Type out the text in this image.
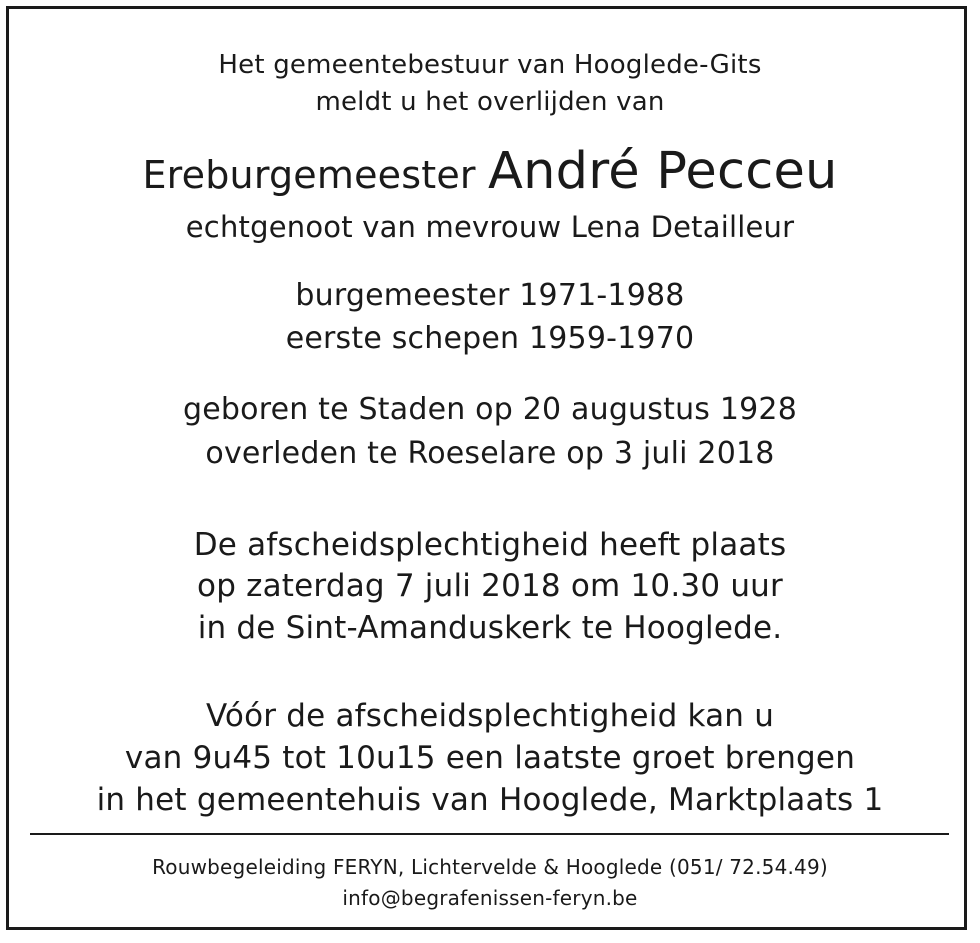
Het gemeentebestuur van Hooglede-Gits
meldt u het overlijden van
Ereburgemeester André Pecceu
echtgenoot van mevrouw Lena Detailleur
burgemeester 1971-1988
eerste schepen 1959-1970
geboren te Staden op 20 augustus 1928
overleden te Roeselare op 3 juli 2018
De afscheidsplechtigheid heeft plaats
op zaterdag 7 juli 2018 om 10.30 uur
in de Sint-Amanduskerk te Hooglede.
Vóór de afscheidsplechtigheid kan u
van 9u45 tot 10u15 een laatste groet brengen
in het gemeentehuis van Hooglede, Marktplaats 1
Rouwbegeleiding FERYN, Lichtervelde & Hooglede (051/ 72.54.49)
info@begrafenissen-feryn.be
